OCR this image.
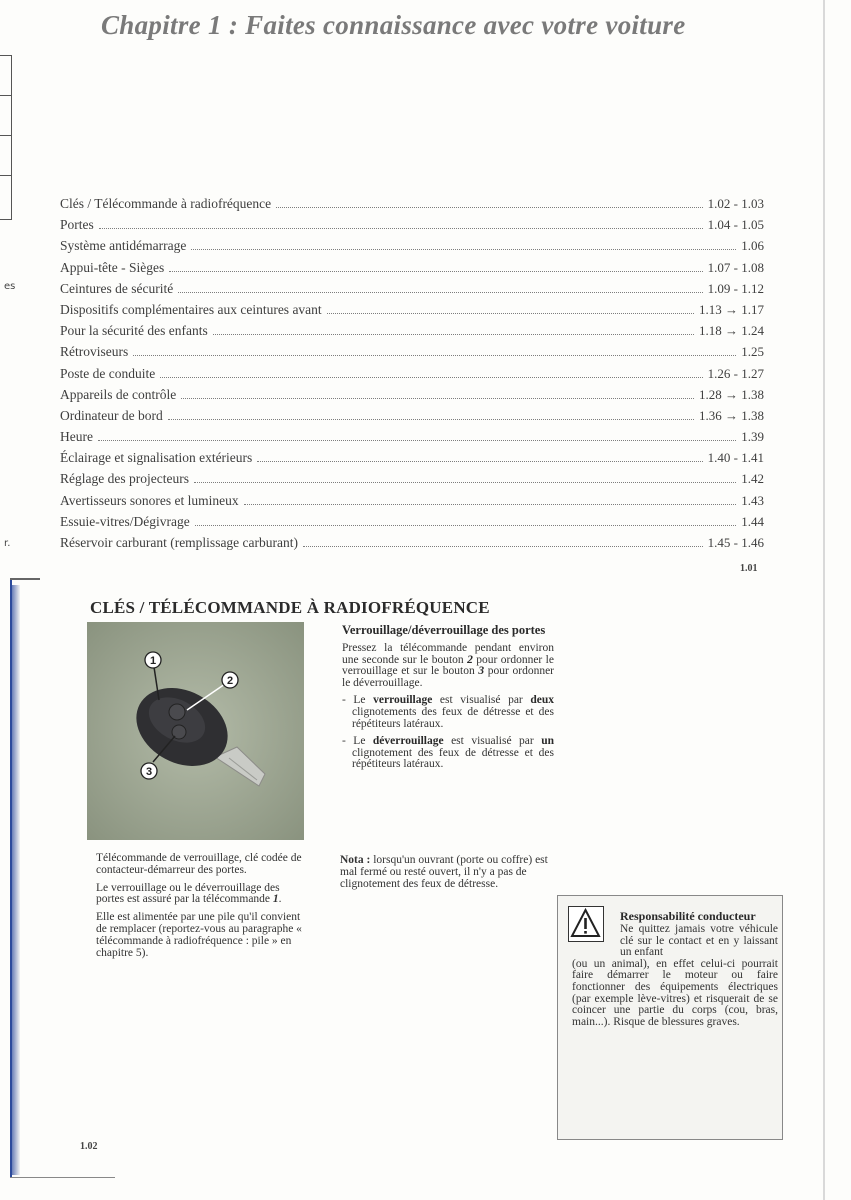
es
r.
Chapitre 1 : Faites connaissance avec votre voiture
Clés / Télécommande à radiofréquence	1.02 - 1.03
Portes	1.04 - 1.05
Système antidémarrage	1.06
Appui-tête - Sièges	1.07 - 1.08
Ceintures de sécurité	1.09 - 1.12
Dispositifs complémentaires aux ceintures avant	1.13 → 1.17
Pour la sécurité des enfants	1.18 → 1.24
Rétroviseurs	1.25
Poste de conduite	1.26 - 1.27
Appareils de contrôle	1.28 → 1.38
Ordinateur de bord	1.36 → 1.38
Heure	1.39
Éclairage et signalisation extérieurs	1.40 - 1.41
Réglage des projecteurs	1.42
Avertisseurs sonores et lumineux	1.43
Essuie-vitres/Dégivrage	1.44
Réservoir carburant (remplissage carburant)	1.45 - 1.46
1.01
CLÉS / TÉLÉCOMMANDE À RADIOFRÉQUENCE
1
2
3

Télécommande de verrouillage, clé codée de contacteur-démarreur des portes.

Le verrouillage ou le déverrouillage des portes est assuré par la télécommande 1.

Elle est alimentée par une pile qu'il convient de remplacer (reportez-vous au paragraphe « télécommande à radiofréquence : pile » en chapitre 5).

Verrouillage/déverrouillage des portes

Pressez la télécommande pendant environ une seconde sur le bouton 2 pour ordonner le verrouillage et sur le bouton 3 pour ordonner le déverrouillage.

- Le verrouillage est visualisé par deux clignotements des feux de détresse et des répétiteurs latéraux.

- Le déverrouillage est visualisé par un clignotement des feux de détresse et des répétiteurs latéraux.

Nota : lorsqu'un ouvrant (porte ou coffre) est mal fermé ou resté ouvert, il n'y a pas de clignotement des feux de détresse.
Responsabilité conducteur
Ne quittez jamais votre véhicule clé sur le contact et en y laissant un enfant
(ou un animal), en effet celui-ci pourrait faire démarrer le moteur ou faire fonctionner des équipements électriques (par exemple lève-vitres) et risquerait de se coincer une partie du corps (cou, bras, main...). Risque de blessures graves.
1.02
